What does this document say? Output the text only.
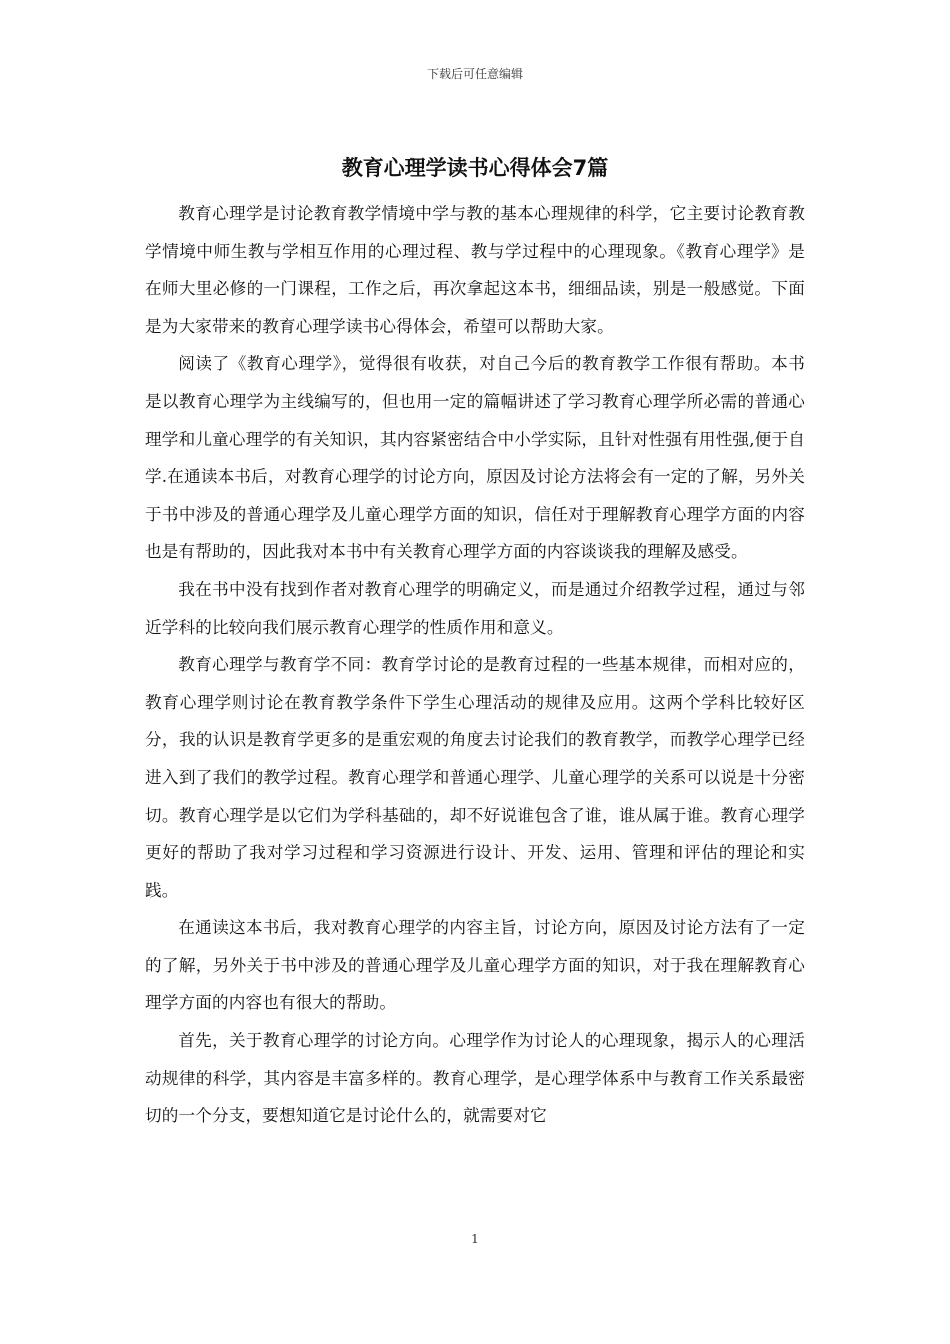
下载后可任意编辑
教育心理学读书心得体会7篇

教育心理学是讨论教育教学情境中学与教的基本心理规律的科学，它主要讨论教育教学情境中师生教与学相互作用的心理过程、教与学过程中的心理现象。《教育心理学》是在师大里必修的一门课程，工作之后，再次拿起这本书，细细品读，别是一般感觉。下面是为大家带来的教育心理学读书心得体会，希望可以帮助大家。

阅读了《教育心理学》，觉得很有收获，对自己今后的教育教学工作很有帮助。本书是以教育心理学为主线编写的，但也用一定的篇幅讲述了学习教育心理学所必需的普通心理学和儿童心理学的有关知识，其内容紧密结合中小学实际，且针对性强有用性强,便于自学.在通读本书后，对教育心理学的讨论方向，原因及讨论方法将会有一定的了解，另外关于书中涉及的普通心理学及儿童心理学方面的知识，信任对于理解教育心理学方面的内容也是有帮助的，因此我对本书中有关教育心理学方面的内容谈谈我的理解及感受。

我在书中没有找到作者对教育心理学的明确定义，而是通过介绍教学过程，通过与邻近学科的比较向我们展示教育心理学的性质作用和意义。

教育心理学与教育学不同：教育学讨论的是教育过程的一些基本规律，而相对应的，教育心理学则讨论在教育教学条件下学生心理活动的规律及应用。这两个学科比较好区分，我的认识是教育学更多的是重宏观的角度去讨论我们的教育教学，而教学心理学已经进入到了我们的教学过程。教育心理学和普通心理学、儿童心理学的关系可以说是十分密切。教育心理学是以它们为学科基础的，却不好说谁包含了谁，谁从属于谁。教育心理学更好的帮助了我对学习过程和学习资源进行设计、开发、运用、管理和评估的理论和实践。

在通读这本书后，我对教育心理学的内容主旨，讨论方向，原因及讨论方法有了一定的了解，另外关于书中涉及的普通心理学及儿童心理学方面的知识，对于我在理解教育心理学方面的内容也有很大的帮助。

首先，关于教育心理学的讨论方向。心理学作为讨论人的心理现象，揭示人的心理活动规律的科学，其内容是丰富多样的。教育心理学，是心理学体系中与教育工作关系最密切的一个分支，要想知道它是讨论什么的，就需要对它

1
